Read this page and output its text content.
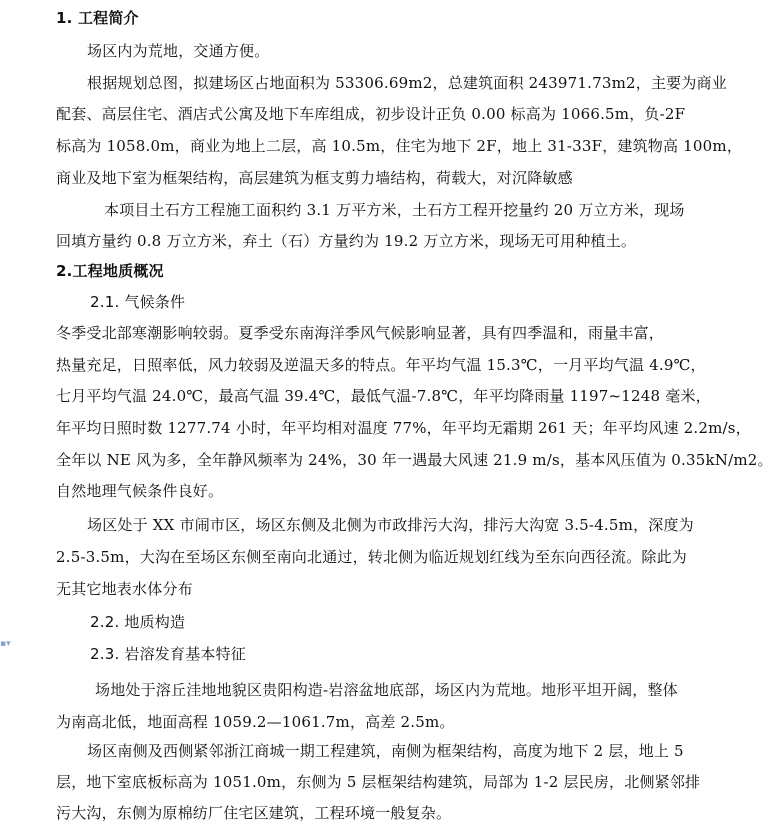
1. 工程简介
场区内为荒地，交通方便。
根据规划总图，拟建场区占地面积为 53306.69m2，总建筑面积 243971.73m2，主要为商业
配套、高层住宅、酒店式公寓及地下车库组成，初步设计正负 0.00 标高为 1066.5m，负-2F
标高为 1058.0m，商业为地上二层，高 10.5m，住宅为地下 2F，地上 31-33F，建筑物高 100m，
商业及地下室为框架结构，高层建筑为框支剪力墙结构，荷载大，对沉降敏感
本项目土石方工程施工面积约 3.1 万平方米，土石方工程开挖量约 20 万立方米，现场
回填方量约 0.8 万立方米，弃土（石）方量约为 19.2 万立方米，现场无可用种植土。
2.工程地质概况
2.1. 气候条件
冬季受北部寒潮影响较弱。夏季受东南海洋季风气候影响显著，具有四季温和，雨量丰富，
热量充足，日照率低，风力较弱及逆温天多的特点。年平均气温 15.3℃，一月平均气温 4.9℃，
七月平均气温 24.0℃，最高气温 39.4℃，最低气温-7.8℃，年平均降雨量 1197~1248 毫米，
年平均日照时数 1277.74 小时，年平均相对温度 77%，年平均无霜期 261 天；年平均风速 2.2m/s，
全年以 NE 风为多，全年静风频率为 24%，30 年一遇最大风速 21.9 m/s，基本风压值为 0.35kN/m2。
自然地理气候条件良好。
场区处于 XX 市闹市区，场区东侧及北侧为市政排污大沟，排污大沟宽 3.5-4.5m，深度为
2.5-3.5m，大沟在至场区东侧至南向北通过，转北侧为临近规划红线为至东向西径流。除此为
无其它地表水体分布
2.2. 地质构造
2.3. 岩溶发育基本特征
场地处于溶丘洼地地貌区贵阳构造-岩溶盆地底部，场区内为荒地。地形平坦开阔，整体
为南高北低，地面高程 1059.2—1061.7m，高差 2.5m。
场区南侧及西侧紧邻浙江商城一期工程建筑，南侧为框架结构，高度为地下 2 层，地上 5
层，地下室底板标高为 1051.0m，东侧为 5 层框架结构建筑，局部为 1-2 层民房，北侧紧邻排
污大沟，东侧为原棉纺厂住宅区建筑，工程环境一般复杂。
▪▾
